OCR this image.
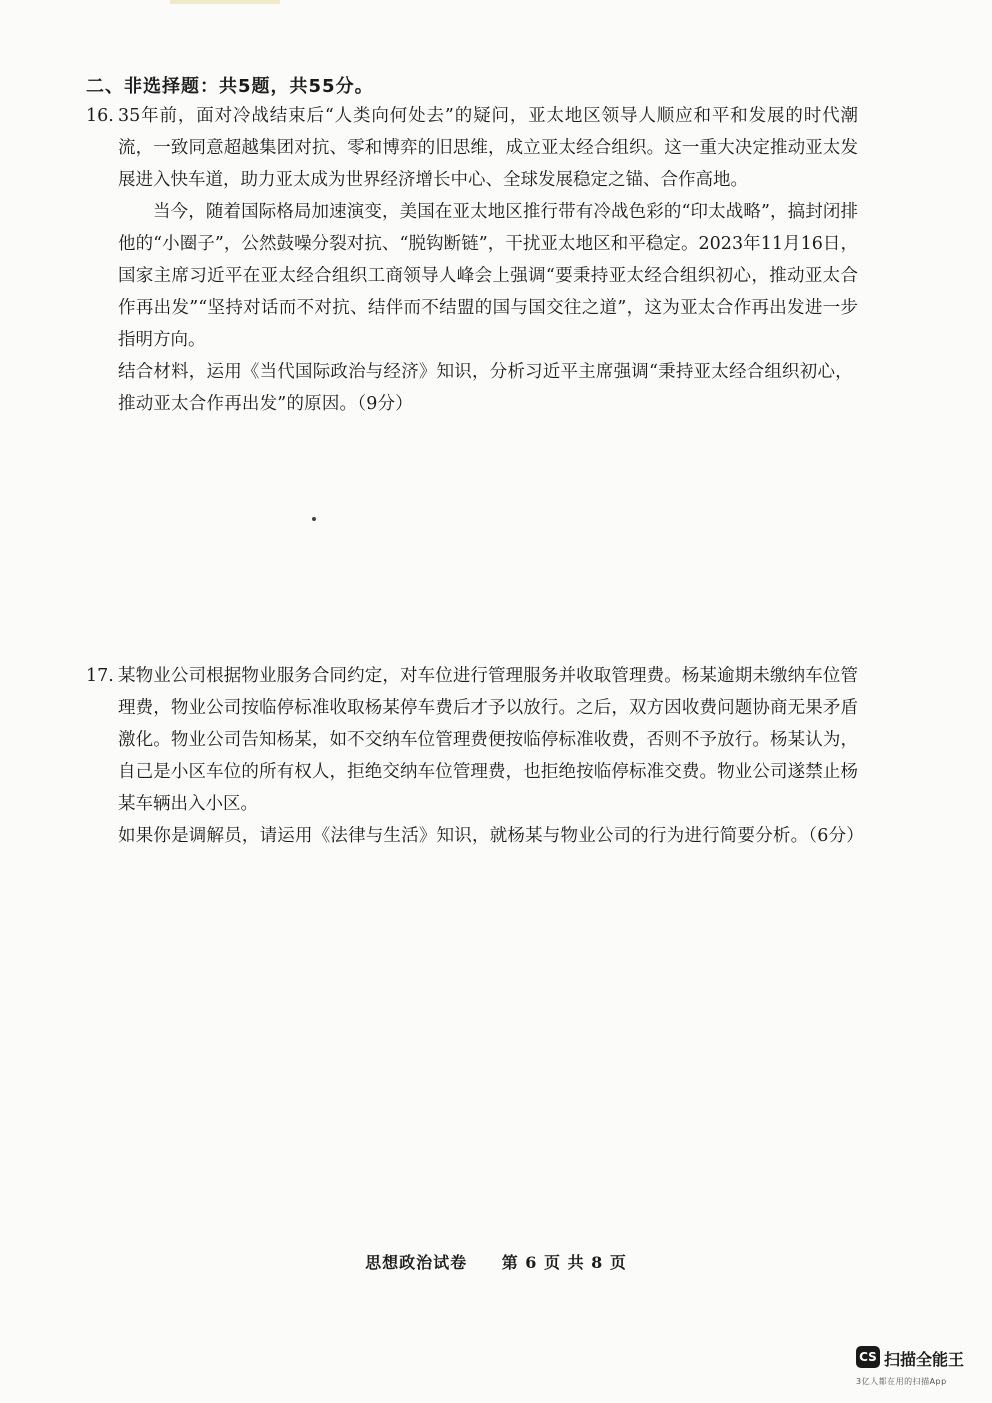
二、非选择题：共5题，共55分。
16. 35年前，面对冷战结束后“人类向何处去”的疑问，亚太地区领导人顺应和平和发展的时代潮流，一致同意超越集团对抗、零和博弈的旧思维，成立亚太经合组织。这一重大决定推动亚太发展进入快车道，助力亚太成为世界经济增长中心、全球发展稳定之锚、合作高地。

当今，随着国际格局加速演变，美国在亚太地区推行带有冷战色彩的“印太战略”，搞封闭排他的“小圈子”，公然鼓噪分裂对抗、“脱钩断链”，干扰亚太地区和平稳定。2023年11月16日，国家主席习近平在亚太经合组织工商领导人峰会上强调“要秉持亚太经合组织初心，推动亚太合作再出发”“坚持对话而不对抗、结伴而不结盟的国与国交往之道”，这为亚太合作再出发进一步指明方向。

结合材料，运用《当代国际政治与经济》知识，分析习近平主席强调“秉持亚太经合组织初心，推动亚太合作再出发”的原因。（9分）

17. 某物业公司根据物业服务合同约定，对车位进行管理服务并收取管理费。杨某逾期未缴纳车位管理费，物业公司按临停标准收取杨某停车费后才予以放行。之后，双方因收费问题协商无果矛盾激化。物业公司告知杨某，如不交纳车位管理费便按临停标准收费，否则不予放行。杨某认为，自己是小区车位的所有权人，拒绝交纳车位管理费，也拒绝按临停标准交费。物业公司遂禁止杨某车辆出入小区。

如果你是调解员，请运用《法律与生活》知识，就杨某与物业公司的行为进行简要分析。（6分）

思想政治试卷 第 6 页 共 8 页
CS 扫描全能王
3亿人都在用的扫描App
